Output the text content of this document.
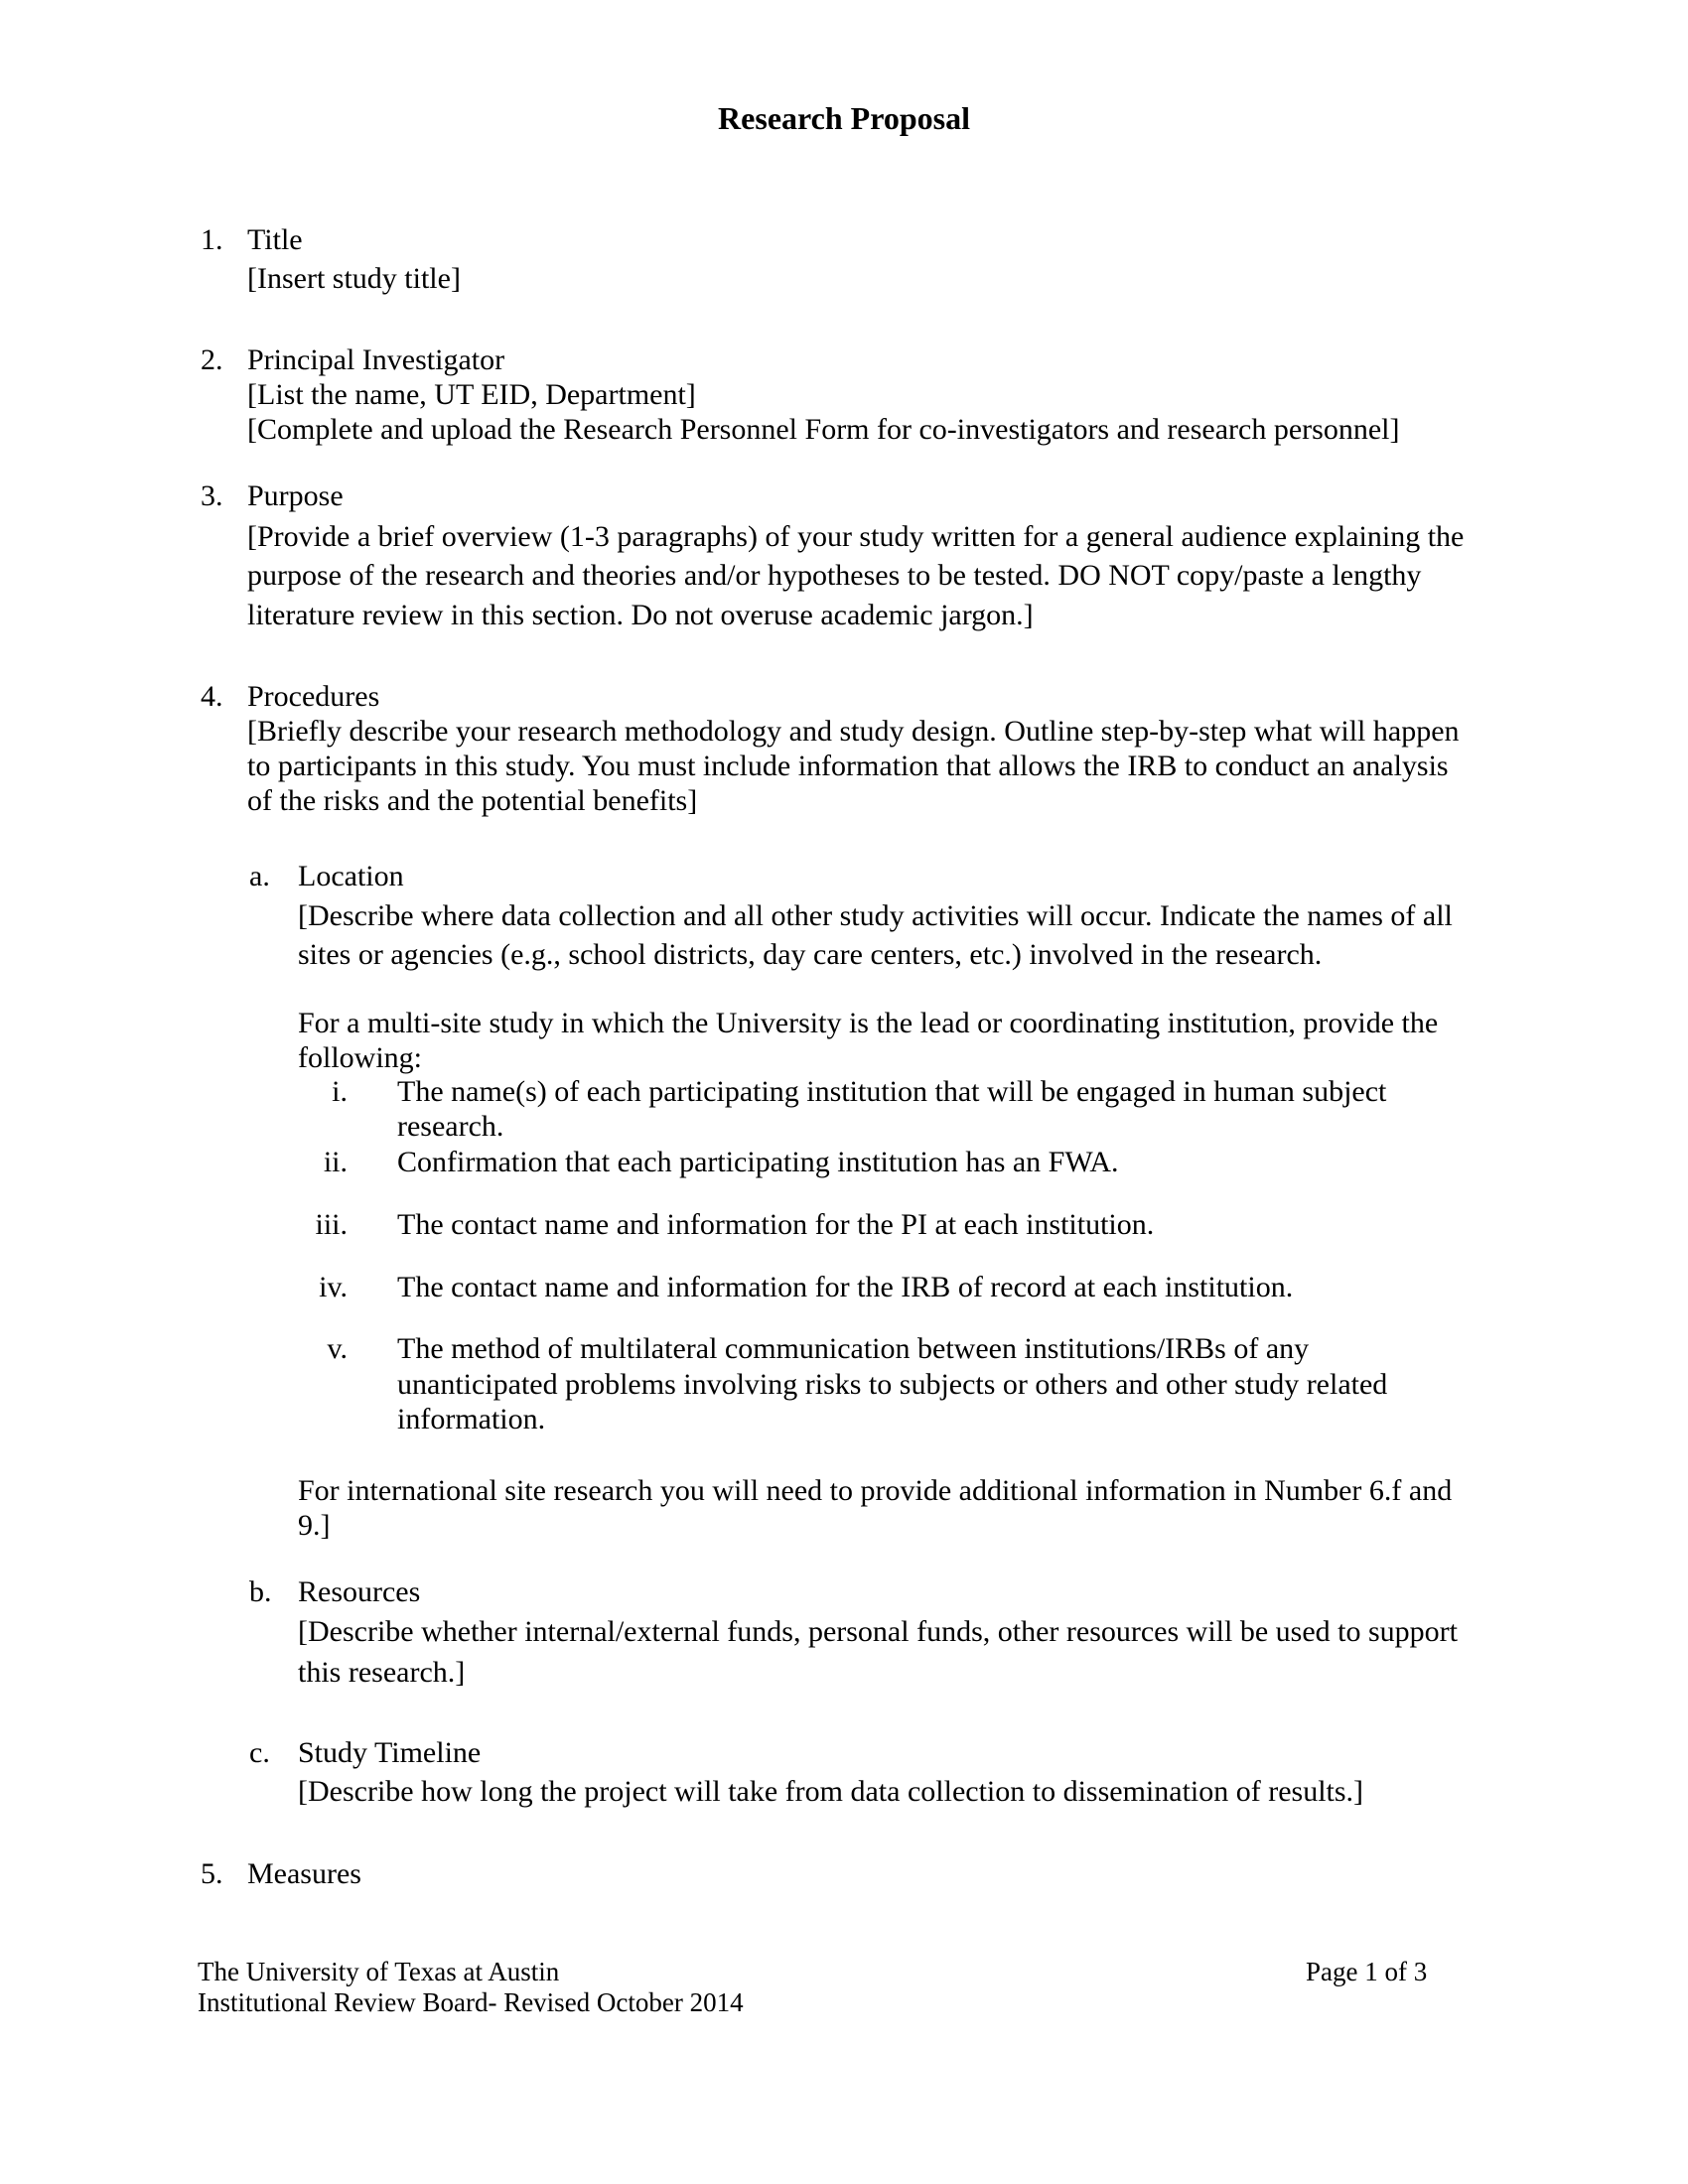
Research Proposal
1. Title
[Insert study title]
2. Principal Investigator
[List the name, UT EID, Department]
[Complete and upload the Research Personnel Form for co-investigators and research personnel]
3. Purpose
[Provide a brief overview (1-3 paragraphs) of your study written for a general audience explaining the
purpose of the research and theories and/or hypotheses to be tested. DO NOT copy/paste a lengthy
literature review in this section. Do not overuse academic jargon.]
4. Procedures
[Briefly describe your research methodology and study design. Outline step-by-step what will happen
to participants in this study. You must include information that allows the IRB to conduct an analysis
of the risks and the potential benefits]
a. Location
[Describe where data collection and all other study activities will occur. Indicate the names of all
sites or agencies (e.g., school districts, day care centers, etc.) involved in the research.
For a multi-site study in which the University is the lead or coordinating institution, provide the
following:
i. The name(s) of each participating institution that will be engaged in human subject
research.
ii. Confirmation that each participating institution has an FWA.
iii. The contact name and information for the PI at each institution.
iv. The contact name and information for the IRB of record at each institution.
v. The method of multilateral communication between institutions/IRBs of any
unanticipated problems involving risks to subjects or others and other study related
information.
For international site research you will need to provide additional information in Number 6.f and
9.]
b. Resources
[Describe whether internal/external funds, personal funds, other resources will be used to support
this research.]
c. Study Timeline
[Describe how long the project will take from data collection to dissemination of results.]
5. Measures
The University of Texas at Austin
Institutional Review Board- Revised October 2014
Page 1 of 3
